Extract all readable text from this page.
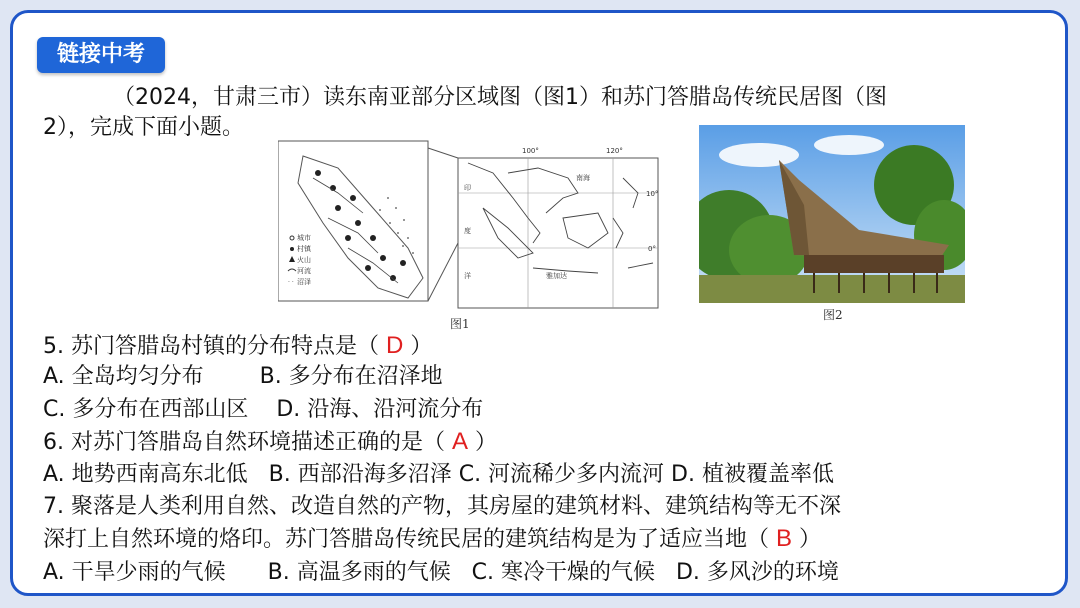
链接中考
（2024，甘肃三市）读东南亚部分区域图（图1）和苏门答腊岛传统民居图（图
2），完成下面小题。
城市
村镇
火山
河流
· · 沼泽
100°	120°
10°
0°
南海
印
度
洋	雅加达
图1
图2
5. 苏门答腊岛村镇的分布特点是（ D ）
A. 全岛均匀分布        B. 多分布在沼泽地
C. 多分布在西部山区    D. 沿海、沿河流分布
6. 对苏门答腊岛自然环境描述正确的是（ A ）
A. 地势西南高东北低   B. 西部沿海多沼泽 C. 河流稀少多内流河 D. 植被覆盖率低
7. 聚落是人类利用自然、改造自然的产物，其房屋的建筑材料、建筑结构等无不深
深打上自然环境的烙印。苏门答腊岛传统民居的建筑结构是为了适应当地（ B ）
A. 干旱少雨的气候      B. 高温多雨的气候   C. 寒冷干燥的气候   D. 多风沙的环境
